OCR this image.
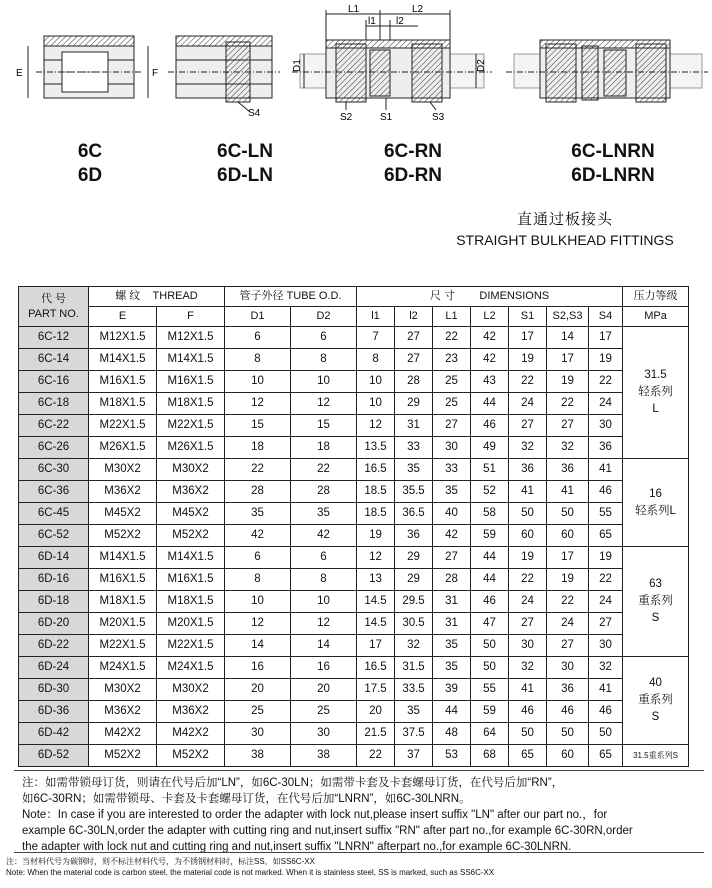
E	F
S4
L1	L2
l1 l2
D1	D2
S2	S1	S3
6C
6D
6C-LN
6D-LN
6C-RN
6D-RN
6C-LNRN
6D-LNRN
直通过板接头
STRAIGHT BULKHEAD FITTINGS
代 号
PART NO.	螺 纹 THREAD		管子外径 TUBE O.D.		尺 寸 DIMENSIONS							压力等级
	E	F	D1	D2	l1	l2	L1	L2	S1	S2,S3	S4	MPa
6C-12	M12X1.5	M12X1.5	6	6	7	27	22	42	17	14	17	31.5
轻系列
L

6C-14	M14X1.5	M14X1.5	8	8	8	27	23	42	19	17	19	
6C-16	M16X1.5	M16X1.5	10	10	10	28	25	43	22	19	22	
6C-18	M18X1.5	M18X1.5	12	12	10	29	25	44	24	22	24	
6C-22	M22X1.5	M22X1.5	15	15	12	31	27	46	27	27	30	
6C-26	M26X1.5	M26X1.5	18	18	13.5	33	30	49	32	32	36	
6C-30	M30X2	M30X2	22	22	16.5	35	33	51	36	36	41	16
轻系列L

6C-36	M36X2	M36X2	28	28	18.5	35.5	35	52	41	41	46	
6C-45	M45X2	M45X2	35	35	18.5	36.5	40	58	50	50	55	
6C-52	M52X2	M52X2	42	42	19	36	42	59	60	60	65	
6D-14	M14X1.5	M14X1.5	6	6	12	29	27	44	19	17	19	63
重系列
S

6D-16	M16X1.5	M16X1.5	8	8	13	29	28	44	22	19	22	
6D-18	M18X1.5	M18X1.5	10	10	14.5	29.5	31	46	24	22	24	
6D-20	M20X1.5	M20X1.5	12	12	14.5	30.5	31	47	27	24	27	
6D-22	M22X1.5	M22X1.5	14	14	17	32	35	50	30	27	30	
6D-24	M24X1.5	M24X1.5	16	16	16.5	31.5	35	50	32	30	32	40
重系列
S

6D-30	M30X2	M30X2	20	20	17.5	33.5	39	55	41	36	41	
6D-36	M36X2	M36X2	25	25	20	35	44	59	46	46	46	
6D-42	M42X2	M42X2	30	30	21.5	37.5	48	64	50	50	50	
6D-52	M52X2	M52X2	38	38	22	37	53	68	65	60	65	31.5重系列S
注：如需带锁母订货，则请在代号后加“LN”，如6C-30LN；如需带卡套及卡套螺母订货，在代号后加“RN”，
如6C-30RN；如需带锁母、卡套及卡套螺母订货，在代号后加“LNRN”，如6C-30LNRN。
Note：In case if you are interested to order the adapter with lock nut,please insert suffix "LN" after our part no.，for
example 6C-30LN,order the adapter with cutting ring and nut,insert suffix "RN" after part no.,for example 6C-30RN,order
the adapter with lock nut and cutting ring and nut,insert suffix "LNRN" afterpart no.,for example 6C-30LNRN.
注：当材料代号为碳钢时，则不标注材料代号，为不锈钢材料时，标注SS，如SS6C-XX
Note: When the material code is carbon steel, the material code is not marked. When it is stainless steel, SS is marked, such as SS6C-XX
